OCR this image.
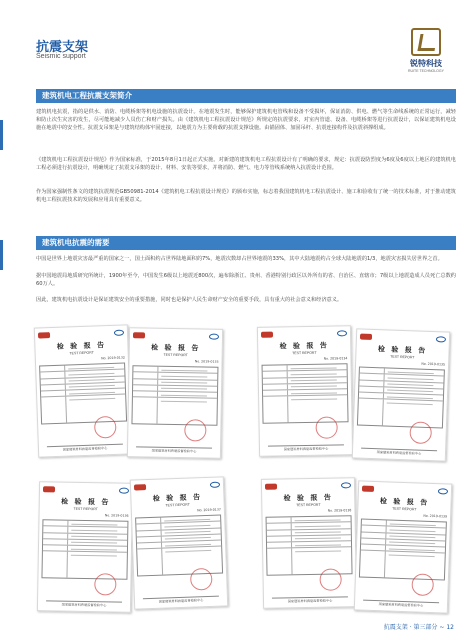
抗震支架
Seismic support
锐特科技
RUITE TECHNOLOGY
建筑机电工程抗震支架简介

建筑机电抗震，指的是供水、消防、电缆桥架等机电设施的抗震设计。在地震发生时，能够保护建筑机电管线和设备不受损坏，保证消防、供电、燃气等生命线系统的正常运行，减轻和防止次生灾害的发生，尽可能地减少人员伤亡和财产损失。由《建筑机电工程抗震设计规范》所规定的抗震要求，对室内管道、设备、电缆桥架等进行抗震设计，以保证建筑机电设施在地震中的安全性。抗震支吊架是与建筑结构体牢固连接，以地震力为主要荷载的抗震支撑设施。由锚固体、加固吊杆、抗震连接构件及抗震斜撑组成。

《建筑机电工程抗震设计规范》作为国家标准，于2015年8月1日起正式实施。对新建的建筑机电工程抗震设计有了明确的要求，规定：抗震设防烈度为6度及6度以上地区的建筑机电工程必须进行抗震设计，明确规定了抗震支吊架的设计、材料、安装等要求，并将消防、燃气、电力等管线系统纳入抗震设计范围。

作为国家强制性条文的建筑抗震规范GB50981-2014《建筑机电工程抗震设计规范》的颁布实施，标志着我国建筑机电工程抗震设计、施工和验收有了统一的技术标准，对于推动建筑机电工程抗震技术的发展和应用具有重要意义。

建筑机电抗震的需要

中国是世界上地震灾害最严重的国家之一，国土面积约占世界陆地面积的7%，地震次数却占世界地震的33%，其中大陆地震约占全球大陆地震的1/3，地震灾害损失居世界之首。

据中国地震局地质研究所统计，1900年至今，中国发生6级以上地震近800次，遍布除浙江、贵州、香港特别行政区以外所有的省、自治区、直辖市；7级以上地震造成人员死亡总数约60万人。

因此，建筑机电抗震设计是保证建筑安全的重要措施，同时也是保护人民生命财产安全的重要手段，具有重大的社会意义和经济意义。

检 验 报 告
TEST REPORT
No. 2019-0132
国家建筑材料质量监督检验中心
检 验 报 告
TEST REPORT
No. 2019-0133
国家建筑材料质量监督检验中心
检 验 报 告
TEST REPORT
No. 2019-0134
国家建筑材料质量监督检验中心
检 验 报 告
TEST REPORT
No. 2019-0135
国家建筑材料质量监督检验中心
检 验 报 告
TEST REPORT
No. 2019-0136
国家建筑材料质量监督检验中心
检 验 报 告
TEST REPORT
No. 2019-0137
国家建筑材料质量监督检验中心
检 验 报 告
TEST REPORT
No. 2019-0138
国家建筑材料质量监督检验中心
检 验 报 告
TEST REPORT
No. 2019-0139
国家建筑材料质量监督检验中心
抗震支架 · 第三部分 ~ 12
